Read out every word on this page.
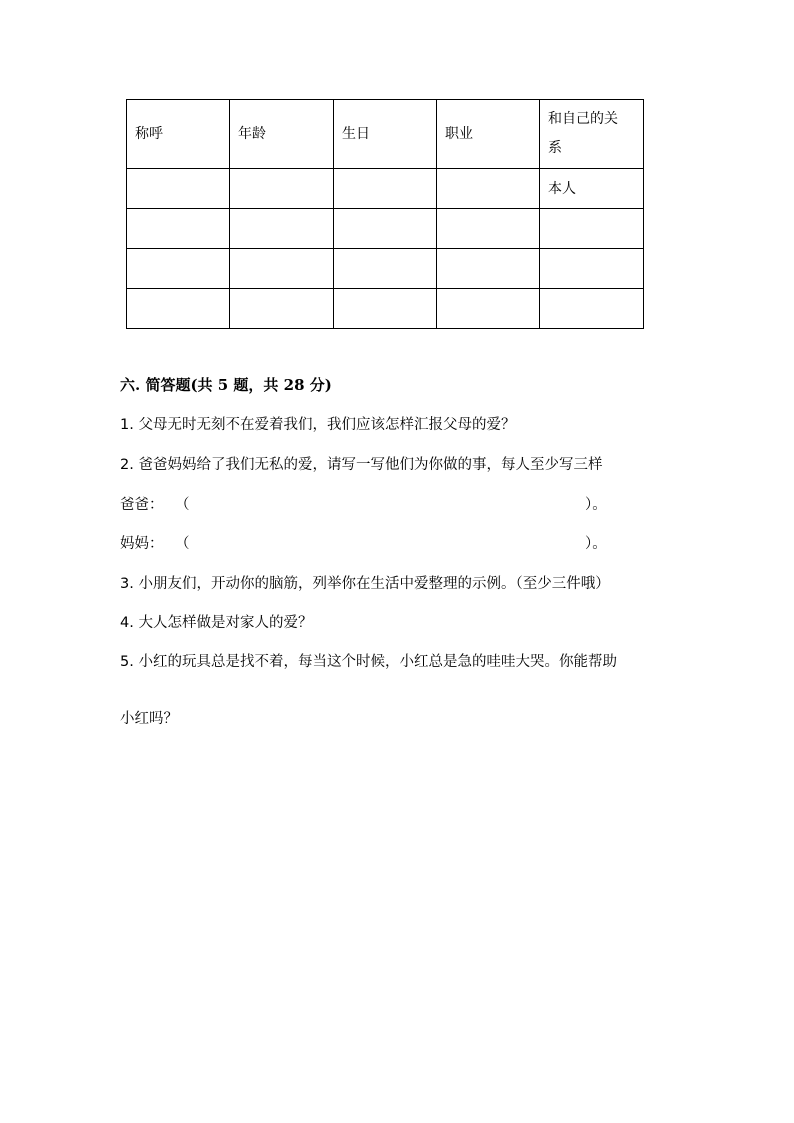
称呼	年龄	生日	职业	和自己的关
系
				本人

六. 简答题(共 5 题，共 28 分)
1. 父母无时无刻不在爱着我们，我们应该怎样汇报父母的爱？
2. 爸爸妈妈给了我们无私的爱，请写一写他们为你做的事，每人至少写三样
爸爸： （	）。
妈妈： （	）。
3. 小朋友们，开动你的脑筋，列举你在生活中爱整理的示例。（至少三件哦）
4. 大人怎样做是对家人的爱？
5. 小红的玩具总是找不着，每当这个时候，小红总是急的哇哇大哭。你能帮助
小红吗？
